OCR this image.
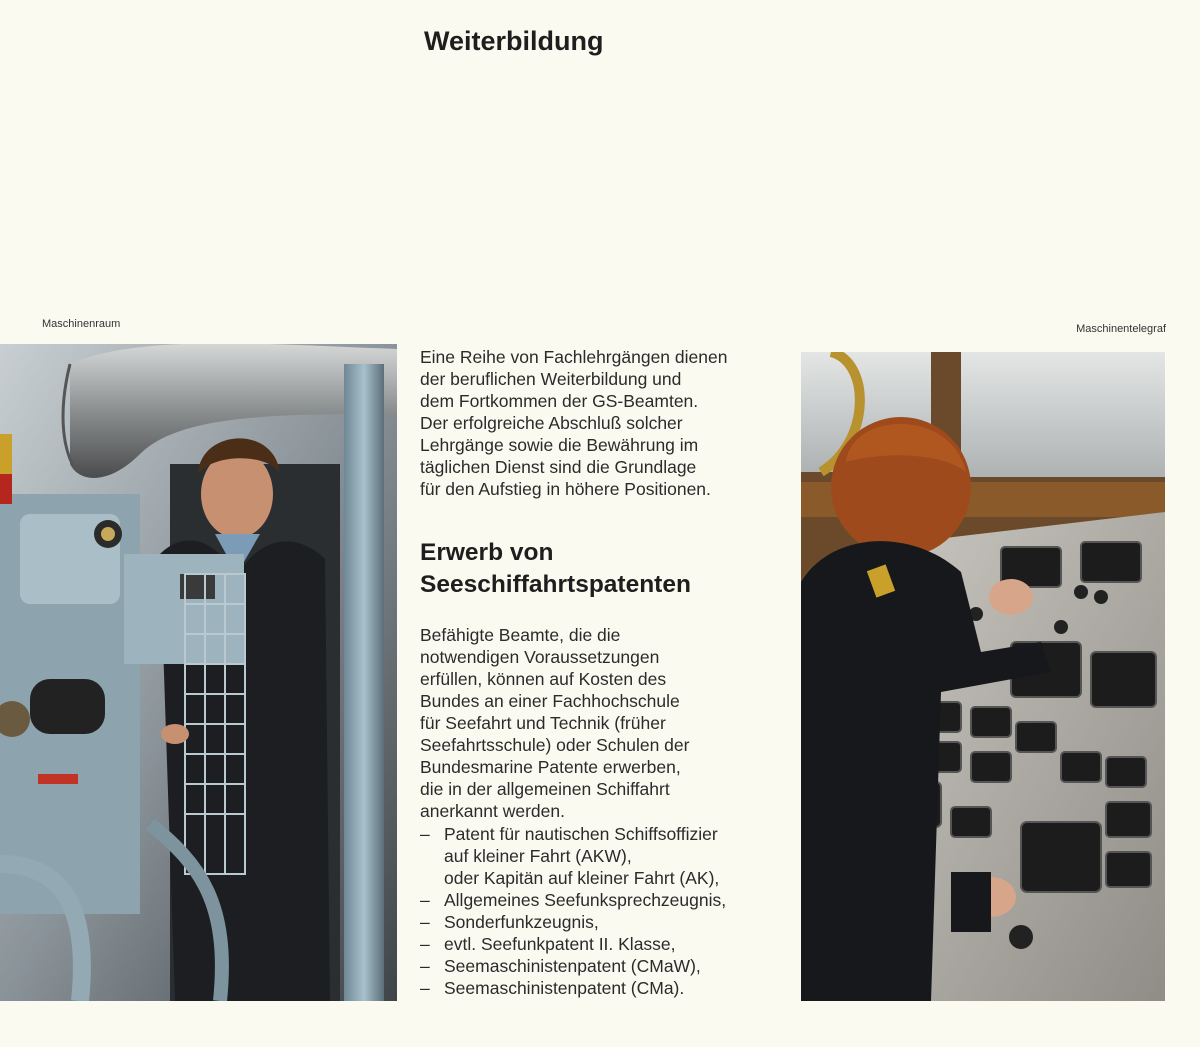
Weiterbildung
Maschinenraum	Maschinentelegraf
Eine Reihe von Fachlehrgängen dienen
der beruflichen Weiterbildung und
dem Fortkommen der GS-Beamten.
Der erfolgreiche Abschluß solcher
Lehrgänge sowie die Bewährung im
täglichen Dienst sind die Grundlage
für den Aufstieg in höhere Positionen.
Erwerb von
Seeschiffahrtspatenten
Befähigte Beamte, die die
notwendigen Voraussetzungen
erfüllen, können auf Kosten des
Bundes an einer Fachhochschule
für Seefahrt und Technik (früher
Seefahrtsschule) oder Schulen der
Bundesmarine Patente erwerben,
die in der allgemeinen Schiffahrt
anerkannt werden.
– Patent für nautischen Schiffsoffizier
auf kleiner Fahrt (AKW),
oder Kapitän auf kleiner Fahrt (AK),
– Allgemeines Seefunksprechzeugnis,
– Sonderfunkzeugnis,
– evtl. Seefunkpatent II. Klasse,
– Seemaschinistenpatent (CMaW),
– Seemaschinistenpatent (CMa).
